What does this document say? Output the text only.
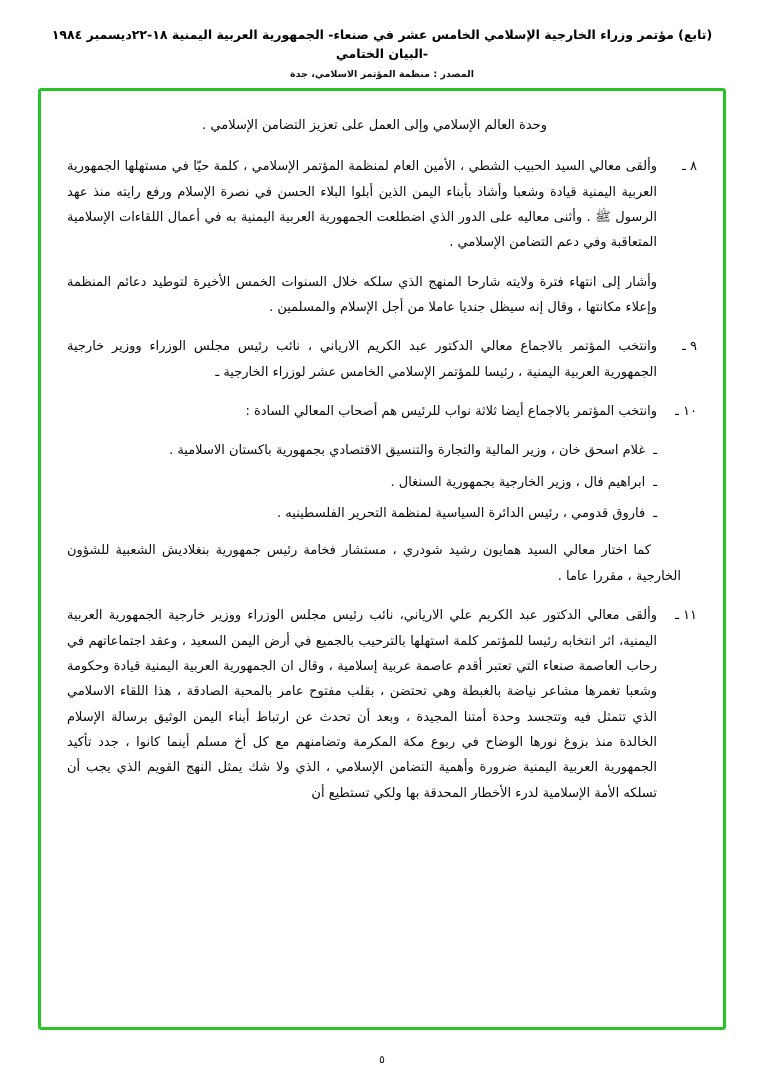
(تابع) مؤتمر وزراء الخارجية الإسلامي الخامس عشر في صنعاء- الجمهورية العربية اليمنية ١٨-٢٢ديسمبر ١٩٨٤ -البيان الختامي
المصدر : منظمة المؤتمر الاسلامي، جدة
وحدة العالم الإسلامي وإلى العمل على تعزيز التضامن الإسلامي .
٨ ـ
وألقى معالي السيد الحبيب الشطي ، الأمين العام لمنظمة المؤتمر الإسلامي ، كلمة حيّا في مستهلها الجمهورية العربية اليمنية قيادة وشعبا وأشاد بأبناء اليمن الذين أبلوا البلاء الحسن في نصرة الإسلام ورفع رايته منذ عهد الرسول ﷺ . وأثنى معاليه على الدور الذي اضطلعت الجمهورية العربية اليمنية به في أعمال اللقاءات الإسلامية المتعاقبة وفي دعم التضامن الإسلامي .
وأشار إلى انتهاء فترة ولايته شارحا المنهج الذي سلكه خلال السنوات الخمس الأخيرة لتوطيد دعائم المنظمة وإعلاء مكانتها ، وقال إنه سيظل جنديا عاملا من أجل الإسلام والمسلمين .
٩ ـ
وانتخب المؤتمر بالاجماع معالي الدكتور عبد الكريم الارياني ، نائب رئيس مجلس الوزراء ووزير خارجية الجمهورية العربية اليمنية ، رئيسا للمؤتمر الإسلامي الخامس عشر لوزراء الخارجية ـ
١٠ ـ
وانتخب المؤتمر بالاجماع أيضا ثلاثة نواب للرئيس هم أصحاب المعالي السادة :
ـ
غلام اسحق خان ، وزير المالية والتجارة والتنسيق الاقتصادي بجمهورية باكستان الاسلامية .
ـ
ابراهيم فال ، وزير الخارجية بجمهورية السنغال .
ـ
فاروق قدومي ، رئيس الدائرة السياسية لمنظمة التحرير الفلسطينيه .
كما اختار معالي السيد همايون رشيد شودري ، مستشار فخامة رئيس جمهورية بنغلاديش الشعبية للشؤون الخارجية ، مقررا عاما .
١١ ـ
وألقى معالي الدكتور عبد الكريم علي الارياني، نائب رئيس مجلس الوزراء ووزير خارجية الجمهورية العربية اليمنية، اثر انتخابه رئيسا للمؤتمر كلمة استهلها بالترحيب بالجميع في أرض اليمن السعيد ، وعقد اجتماعاتهم في رحاب العاصمة صنعاء التي تعتبر أقدم عاصمة عربية إسلامية ، وقال ان الجمهورية العربية اليمنية قيادة وحكومة وشعبا تغمرها مشاعر نياضة بالغبطة وهي تحتضن ، بقلب مفتوح عامر بالمحبة الصادقة ، هذا اللقاء الاسلامي الذي تتمثل فيه وتتجسد وحدة أمتنا المجيدة ، وبعد أن تحدث عن ارتباط أبناء اليمن الوثيق برسالة الإسلام الخالدة منذ بزوغ نورها الوضاح في ربوع مكة المكرمة وتضامنهم مع كل أخ مسلم أينما كانوا ، جدد تأكيد الجمهورية العربية اليمنية ضرورة وأهمية التضامن الإسلامي ، الذي ولا شك يمثل النهج القويم الذي يجب أن تسلكه الأمة الإسلامية لدرء الأخطار المحدقة بها ولكي تستطيع أن
٥
